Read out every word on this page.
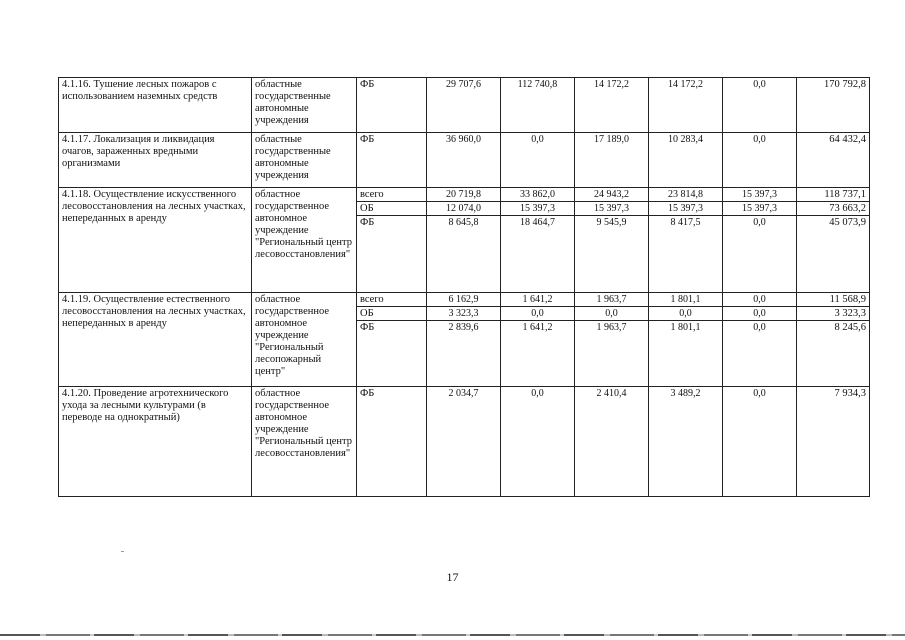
4.1.16. Тушение лесных пожаров с использованием наземных средств	областные государственные автономные учреждения	ФБ	29 707,6	112 740,8	14 172,2	14 172,2	0,0	170 792,8
4.1.17. Локализация и ликвидация очагов, зараженных вредными организмами	областные государственные автономные учреждения	ФБ	36 960,0	0,0	17 189,0	10 283,4	0,0	64 432,4
4.1.18. Осуществление искусственного лесовосстановления на лесных участках, непереданных в аренду	областное государственное автономное учреждение "Региональный центр лесовосстановления"	всего	20 719,8	33 862,0	24 943,2	23 814,8	15 397,3	118 737,1
		ОБ	12 074,0	15 397,3	15 397,3	15 397,3	15 397,3	73 663,2
		ФБ	8 645,8	18 464,7	9 545,9	8 417,5	0,0	45 073,9
4.1.19. Осуществление естественного лесовосстановления на лесных участках, непереданных в аренду	областное государственное автономное учреждение "Региональный лесопожарный центр"	всего	6 162,9	1 641,2	1 963,7	1 801,1	0,0	11 568,9
		ОБ	3 323,3	0,0	0,0	0,0	0,0	3 323,3
		ФБ	2 839,6	1 641,2	1 963,7	1 801,1	0,0	8 245,6
4.1.20. Проведение агротехнического ухода за лесными культурами (в переводе на однократный)	областное государственное автономное учреждение "Региональный центр лесовосстановления"	ФБ	2 034,7	0,0	2 410,4	3 489,2	0,0	7 934,3
17
